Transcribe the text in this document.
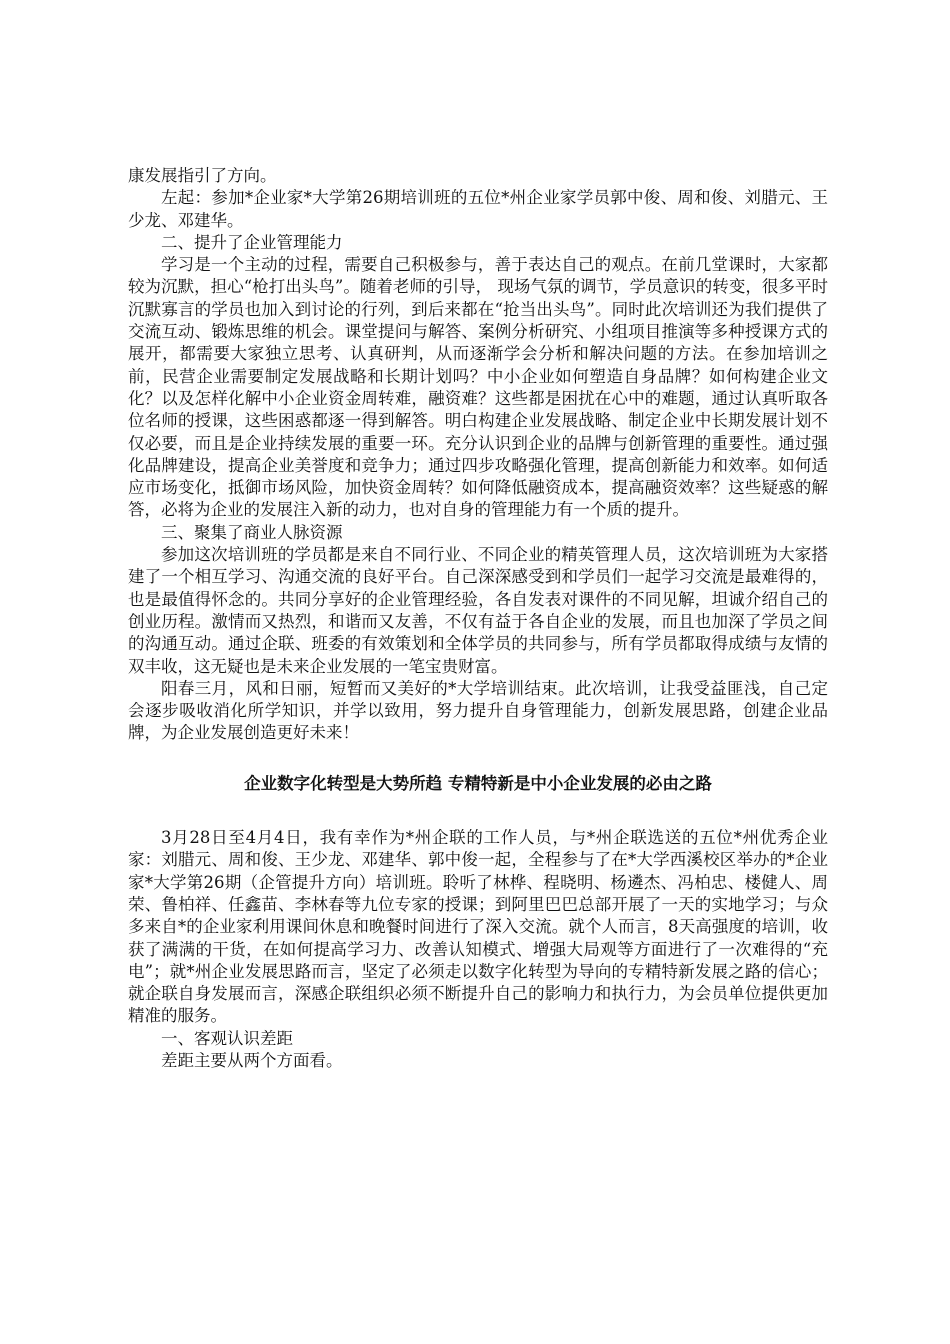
康发展指引了方向。

左起：参加*企业家*大学第26期培训班的五位*州企业家学员郭中俊、周和俊、刘腊元、王少龙、邓建华。

二、提升了企业管理能力

学习是一个主动的过程，需要自己积极参与，善于表达自己的观点。在前几堂课时，大家都较为沉默，担心“枪打出头鸟”。随着老师的引导， 现场气氛的调节，学员意识的转变，很多平时沉默寡言的学员也加入到讨论的行列，到后来都在“抢当出头鸟”。同时此次培训还为我们提供了交流互动、锻炼思维的机会。课堂提问与解答、案例分析研究、小组项目推演等多种授课方式的展开，都需要大家独立思考、认真研判，从而逐渐学会分析和解决问题的方法。在参加培训之前，民营企业需要制定发展战略和长期计划吗？中小企业如何塑造自身品牌？如何构建企业文化？以及怎样化解中小企业资金周转难，融资难？这些都是困扰在心中的难题，通过认真听取各位名师的授课，这些困惑都逐一得到解答。明白构建企业发展战略、制定企业中长期发展计划不仅必要，而且是企业持续发展的重要一环。充分认识到企业的品牌与创新管理的重要性。通过强化品牌建设，提高企业美誉度和竞争力；通过四步攻略强化管理，提高创新能力和效率。如何适应市场变化，抵御市场风险，加快资金周转？如何降低融资成本，提高融资效率？这些疑惑的解答，必将为企业的发展注入新的动力，也对自身的管理能力有一个质的提升。

三、聚集了商业人脉资源

参加这次培训班的学员都是来自不同行业、不同企业的精英管理人员，这次培训班为大家搭建了一个相互学习、沟通交流的良好平台。自己深深感受到和学员们一起学习交流是最难得的，也是最值得怀念的。共同分享好的企业管理经验，各自发表对课件的不同见解，坦诚介绍自己的创业历程。激情而又热烈，和谐而又友善，不仅有益于各自企业的发展，而且也加深了学员之间的沟通互动。通过企联、班委的有效策划和全体学员的共同参与，所有学员都取得成绩与友情的双丰收，这无疑也是未来企业发展的一笔宝贵财富。

阳春三月，风和日丽，短暂而又美好的*大学培训结束。此次培训，让我受益匪浅，自己定会逐步吸收消化所学知识，并学以致用，努力提升自身管理能力，创新发展思路，创建企业品牌，为企业发展创造更好未来！

企业数字化转型是大势所趋 专精特新是中小企业发展的必由之路

3月28日至4月4日，我有幸作为*州企联的工作人员，与*州企联选送的五位*州优秀企业家：刘腊元、周和俊、王少龙、邓建华、郭中俊一起，全程参与了在*大学西溪校区举办的*企业家*大学第26期（企管提升方向）培训班。聆听了林桦、程晓明、杨遴杰、冯柏忠、楼健人、周荣、鲁柏祥、任鑫苗、李林春等九位专家的授课；到阿里巴巴总部开展了一天的实地学习；与众多来自*的企业家利用课间休息和晚餐时间进行了深入交流。就个人而言，8天高强度的培训，收获了满满的干货，在如何提高学习力、改善认知模式、增强大局观等方面进行了一次难得的“充电”；就*州企业发展思路而言，坚定了必须走以数字化转型为导向的专精特新发展之路的信心；就企联自身发展而言，深感企联组织必须不断提升自己的影响力和执行力，为会员单位提供更加精准的服务。

一、客观认识差距

差距主要从两个方面看。
